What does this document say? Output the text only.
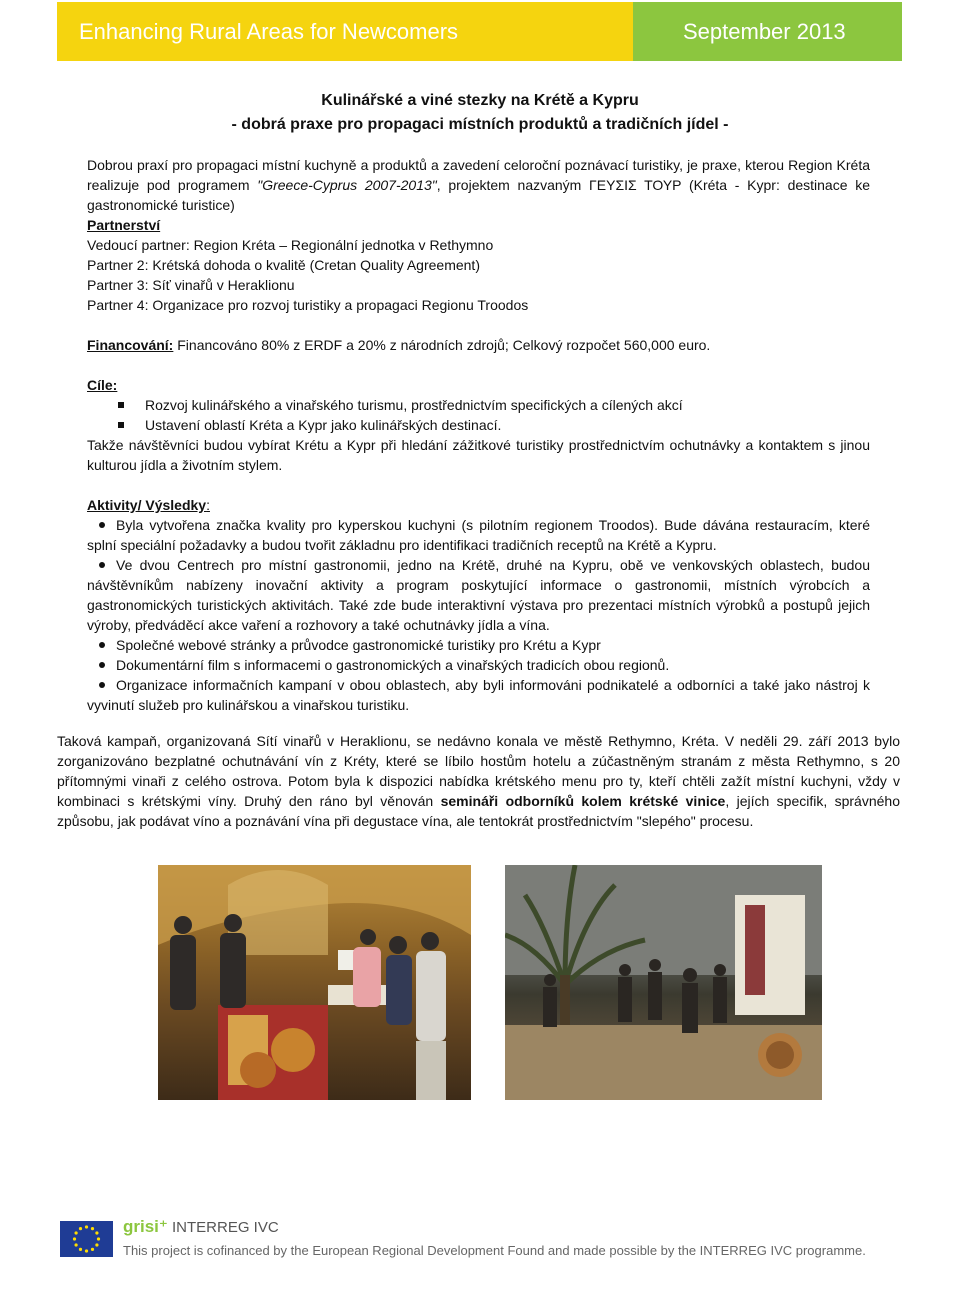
Enhancing Rural Areas for Newcomers	September 2013
Kulinářské a viné stezky na Krétě a Kypru
- dobrá praxe pro propagaci místních produktů a tradičních jídel -

Dobrou praxí pro propagaci místní kuchyně a produktů a zavedení celoroční poznávací turistiky, je praxe, kterou Region Kréta realizuje pod programem "Greece-Cyprus 2007-2013", projektem nazvaným ΓΕΥΣΙΣ ΤΟΥΡ (Kréta - Kypr: destinace ke gastronomické turistice)

Partnerství

Vedoucí partner: Region Kréta – Regionální jednotka v Rethymno

Partner 2: Krétská dohoda o kvalitě (Cretan Quality Agreement)

Partner 3: Síť vinařů v Heraklionu

Partner 4: Organizace pro rozvoj turistiky a propagaci Regionu Troodos

Financování: Financováno 80% z ERDF a 20% z národních zdrojů; Celkový rozpočet 560,000 euro.

Cíle:

Rozvoj kulinářského a vinařského turismu, prostřednictvím specifických a cílených akcí
Ustavení oblastí Kréta a Kypr jako kulinářských destinací.

Takže návštěvníci budou vybírat Krétu a Kypr při hledání zážitkové turistiky prostřednictvím ochutnávky a kontaktem s jinou kulturou jídla a životním stylem.

Aktivity/ Výsledky:

Byla vytvořena značka kvality pro kyperskou kuchyni (s pilotním regionem Troodos). Bude dávána restauracím, které splní speciální požadavky a budou tvořit základnu pro identifikaci tradičních receptů na Krétě a Kypru.
Ve dvou Centrech pro místní gastronomii, jedno na Krétě, druhé na Kypru, obě ve venkovských oblastech, budou návštěvníkům nabízeny inovační aktivity a program poskytující informace o gastronomii, místních výrobcích a gastronomických turistických aktivitách. Také zde bude interaktivní výstava pro prezentaci místních výrobků a postupů jejich výroby, předváděcí akce vaření a rozhovory a také ochutnávky jídla a vína.
Společné webové stránky a průvodce gastronomické turistiky pro Krétu a Kypr
Dokumentární film s informacemi o gastronomických a vinařských tradicích obou regionů.
Organizace informačních kampaní v obou oblastech, aby byli informováni podnikatelé a odborníci a také jako nástroj k vyvinutí služeb pro kulinářskou a vinařskou turistiku.

Taková kampaň, organizovaná Sítí vinařů v Heraklionu, se nedávno konala ve městě Rethymno, Kréta. V neděli 29. září 2013 bylo zorganizováno bezplatné ochutnávání vín z Kréty, které se líbilo hostům hotelu a zúčastněným stranám z města Rethymno, s 20 přítomnými vinaři z celého ostrova. Potom byla k dispozici nabídka krétského menu pro ty, kteří chtěli zažít místní kuchyni, vždy v kombinaci s krétskými víny. Druhý den ráno byl věnován semináři odborníků kolem krétské vinice, jejích specifik, správného způsobu, jak podávat víno a poznávání vína při degustace vína, ale tentokrát prostřednictvím "slepého" procesu.

grisi⁺ INTERREG IVC
This project is cofinanced by the European Regional Development Found and made possible by the INTERREG IVC programme.
